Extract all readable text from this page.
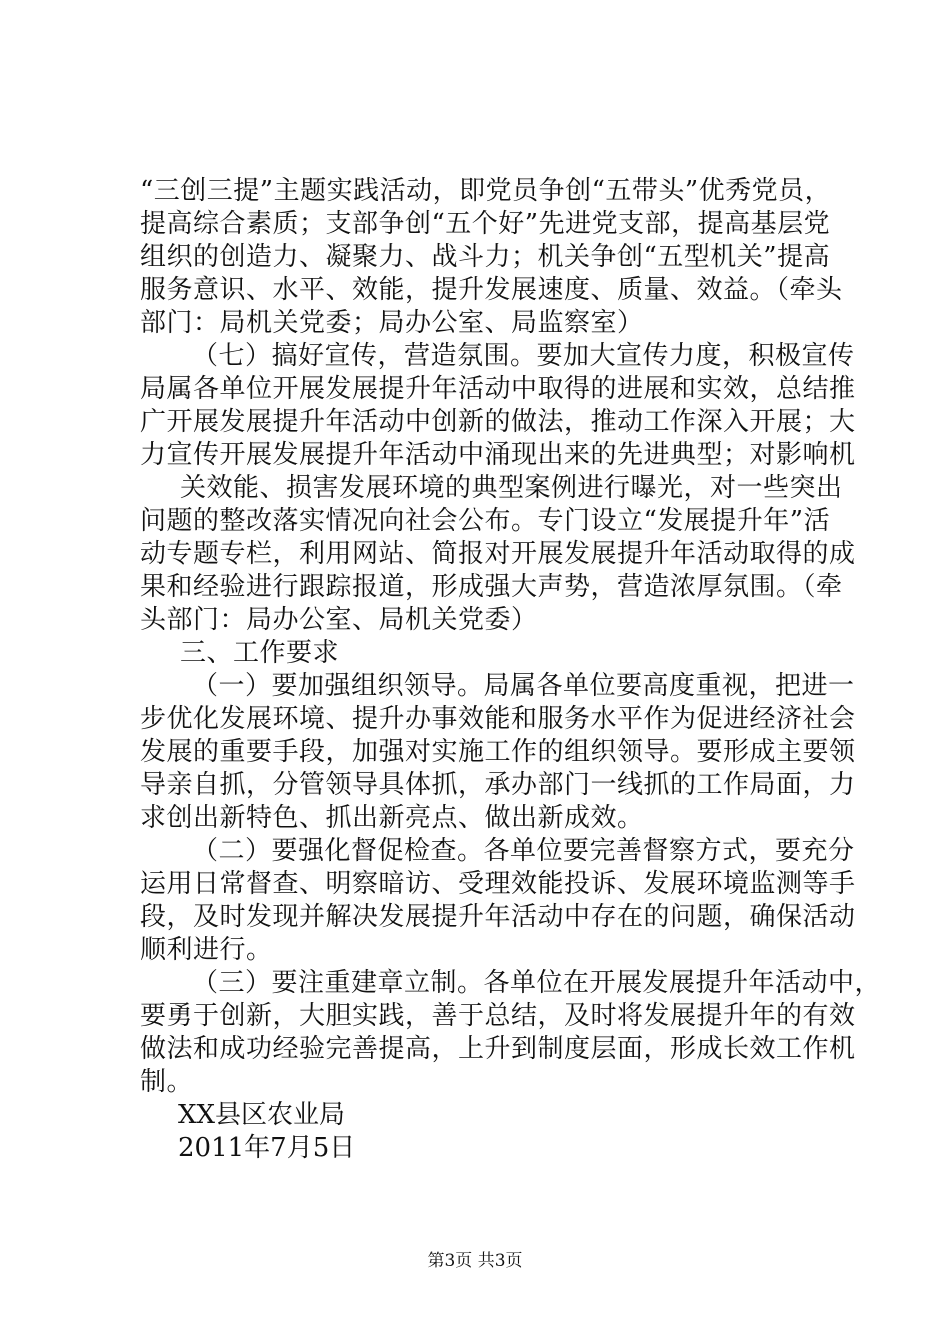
“三创三提”主题实践活动，即党员争创“五带头”优秀党员，
提高综合素质；支部争创“五个好”先进党支部，提高基层党
组织的创造力、凝聚力、战斗力；机关争创“五型机关”提高
服务意识、水平、效能，提升发展速度、质量、效益。（牵头
部门：局机关党委；局办公室、局监察室）
（七）搞好宣传，营造氛围。要加大宣传力度，积极宣传
局属各单位开展发展提升年活动中取得的进展和实效，总结推
广开展发展提升年活动中创新的做法，推动工作深入开展；大
力宣传开展发展提升年活动中涌现出来的先进典型；对影响机
关效能、损害发展环境的典型案例进行曝光，对一些突出
问题的整改落实情况向社会公布。专门设立“发展提升年”活
动专题专栏，利用网站、简报对开展发展提升年活动取得的成
果和经验进行跟踪报道，形成强大声势，营造浓厚氛围。（牵
头部门：局办公室、局机关党委）
三、工作要求
（一）要加强组织领导。局属各单位要高度重视，把进一
步优化发展环境、提升办事效能和服务水平作为促进经济社会
发展的重要手段，加强对实施工作的组织领导。要形成主要领
导亲自抓，分管领导具体抓，承办部门一线抓的工作局面，力
求创出新特色、抓出新亮点、做出新成效。
（二）要强化督促检查。各单位要完善督察方式，要充分
运用日常督查、明察暗访、受理效能投诉、发展环境监测等手
段，及时发现并解决发展提升年活动中存在的问题，确保活动
顺利进行。
（三）要注重建章立制。各单位在开展发展提升年活动中，
要勇于创新，大胆实践，善于总结，及时将发展提升年的有效
做法和成功经验完善提高，上升到制度层面，形成长效工作机
制。
XX县区农业局
2011年7月5日
第3页 共3页
